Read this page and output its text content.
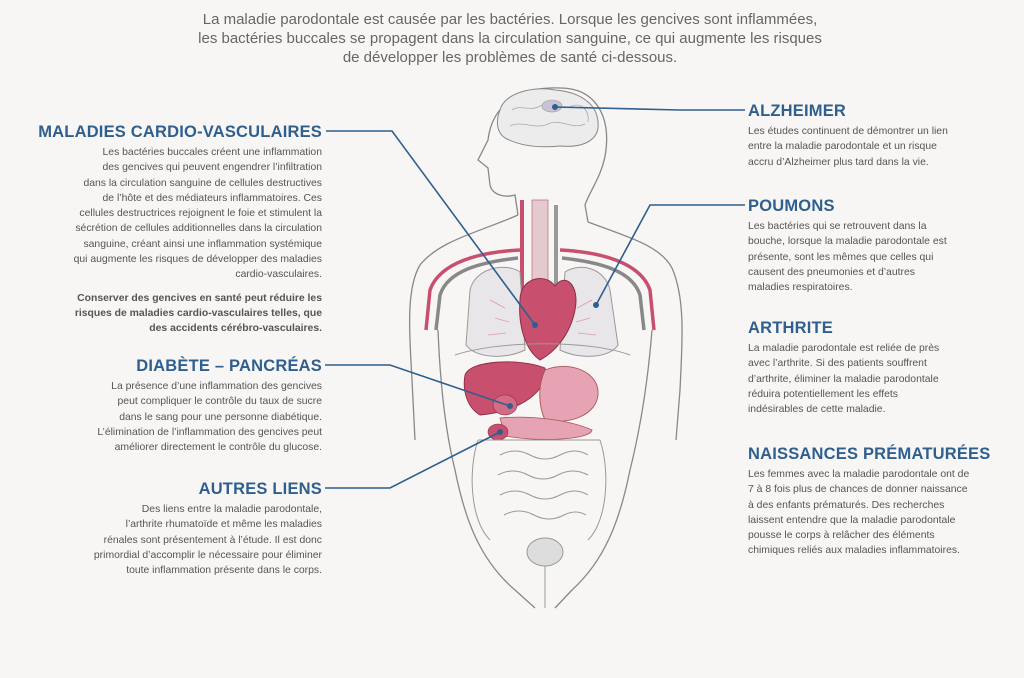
La maladie parodontale est causée par les bactéries. Lorsque les gencives sont inflammées,
les bactéries buccales se propagent dans la circulation sanguine, ce qui augmente les risques
de développer les problèmes de santé ci-dessous.
MALADIES CARDIO-VASCULAIRES

Les bactéries buccales créent une inflammation
des gencives qui peuvent engendrer l’infiltration
dans la circulation sanguine de cellules destructives
de l’hôte et des médiateurs inflammatoires. Ces
cellules destructrices rejoignent le foie et stimulent la
sécrétion de cellules additionnelles dans la circulation
sanguine, créant ainsi une inflammation systémique
qui augmente les risques de développer des maladies
cardio-vasculaires.

Conserver des gencives en santé peut réduire les
risques de maladies cardio-vasculaires telles, que
des accidents cérébro-vasculaires.

DIABÈTE – PANCRÉAS

La présence d’une inflammation des gencives
peut compliquer le contrôle du taux de sucre
dans le sang pour une personne diabétique.
L’élimination de l’inflammation des gencives peut
améliorer directement le contrôle du glucose.

AUTRES LIENS

Des liens entre la maladie parodontale,
l’arthrite rhumatoïde et même les maladies
rénales sont présentement à l’étude. Il est donc
primordial d’accomplir le nécessaire pour éliminer
toute inflammation présente dans le corps.

ALZHEIMER

Les études continuent de démontrer un lien
entre la maladie parodontale et un risque
accru d’Alzheimer plus tard dans la vie.

POUMONS

Les bactéries qui se retrouvent dans la
bouche, lorsque la maladie parodontale est
présente, sont les mêmes que celles qui
causent des pneumonies et d’autres
maladies respiratoires.

ARTHRITE

La maladie parodontale est reliée de près
avec l’arthrite. Si des patients souffrent
d’arthrite, éliminer la maladie parodontale
réduira potentiellement les effets
indésirables de cette maladie.

NAISSANCES PRÉMATURÉES

Les femmes avec la maladie parodontale ont de
7 à 8 fois plus de chances de donner naissance
à des enfants prématurés. Des recherches
laissent entendre que la maladie parodontale
pousse le corps à relâcher des éléments
chimiques reliés aux maladies inflammatoires.
